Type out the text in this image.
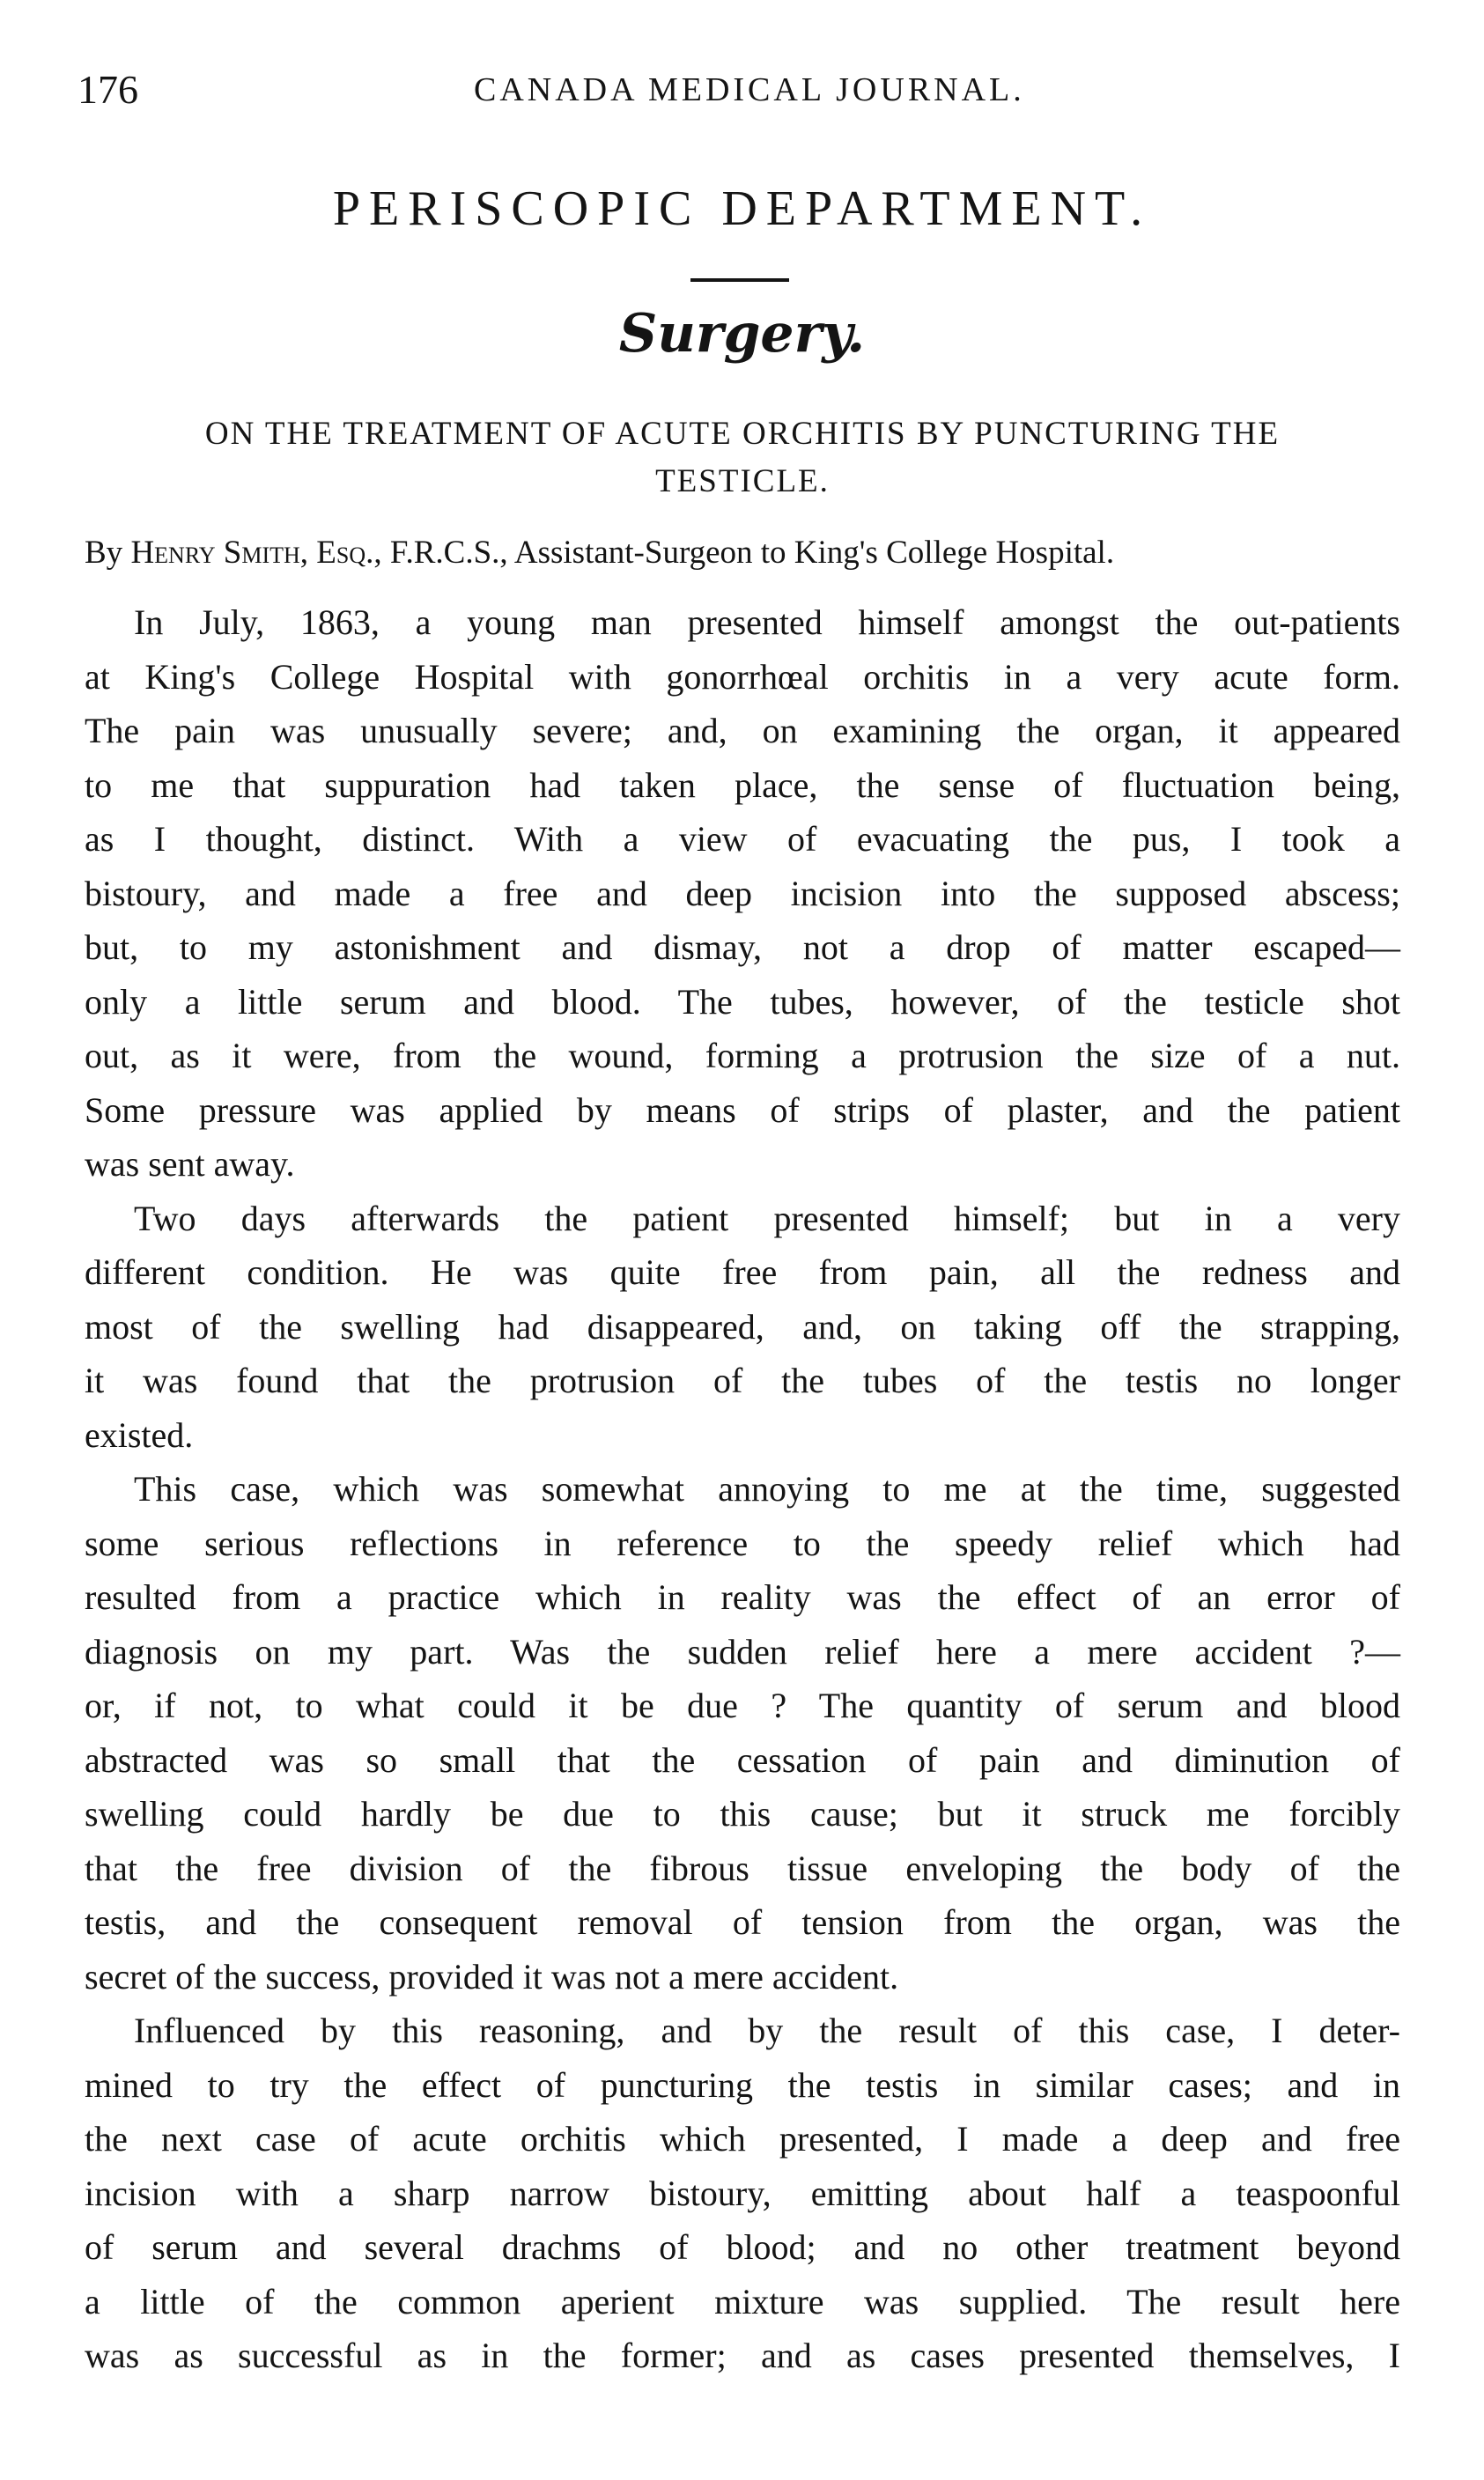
176	CANADA MEDICAL JOURNAL.
PERISCOPIC DEPARTMENT.
Surgery.
ON THE TREATMENT OF ACUTE ORCHITIS BY PUNCTURING THE
TESTICLE.
By Henry Smith, Esq., F.R.C.S., Assistant-Surgeon to King's College Hospital.
In July, 1863, a young man presented himself amongst the out-patients
at King's College Hospital with gonorrhœal orchitis in a very acute form.
The pain was unusually severe; and, on examining the organ, it appeared
to me that suppuration had taken place, the sense of fluctuation being,
as I thought, distinct. With a view of evacuating the pus, I took a
bistoury, and made a free and deep incision into the supposed abscess;
but, to my astonishment and dismay, not a drop of matter escaped—
only a little serum and blood. The tubes, however, of the testicle shot
out, as it were, from the wound, forming a protrusion the size of a nut.
Some pressure was applied by means of strips of plaster, and the patient
was sent away.
Two days afterwards the patient presented himself; but in a very
different condition. He was quite free from pain, all the redness and
most of the swelling had disappeared, and, on taking off the strapping,
it was found that the protrusion of the tubes of the testis no longer
existed.
This case, which was somewhat annoying to me at the time, suggested
some serious reflections in reference to the speedy relief which had
resulted from a practice which in reality was the effect of an error of
diagnosis on my part. Was the sudden relief here a mere accident ?—
or, if not, to what could it be due ? The quantity of serum and blood
abstracted was so small that the cessation of pain and diminution of
swelling could hardly be due to this cause; but it struck me forcibly
that the free division of the fibrous tissue enveloping the body of the
testis, and the consequent removal of tension from the organ, was the
secret of the success, provided it was not a mere accident.
Influenced by this reasoning, and by the result of this case, I deter-
mined to try the effect of puncturing the testis in similar cases; and in
the next case of acute orchitis which presented, I made a deep and free
incision with a sharp narrow bistoury, emitting about half a teaspoonful
of serum and several drachms of blood; and no other treatment beyond
a little of the common aperient mixture was supplied. The result here
was as successful as in the former; and as cases presented themselves, I
